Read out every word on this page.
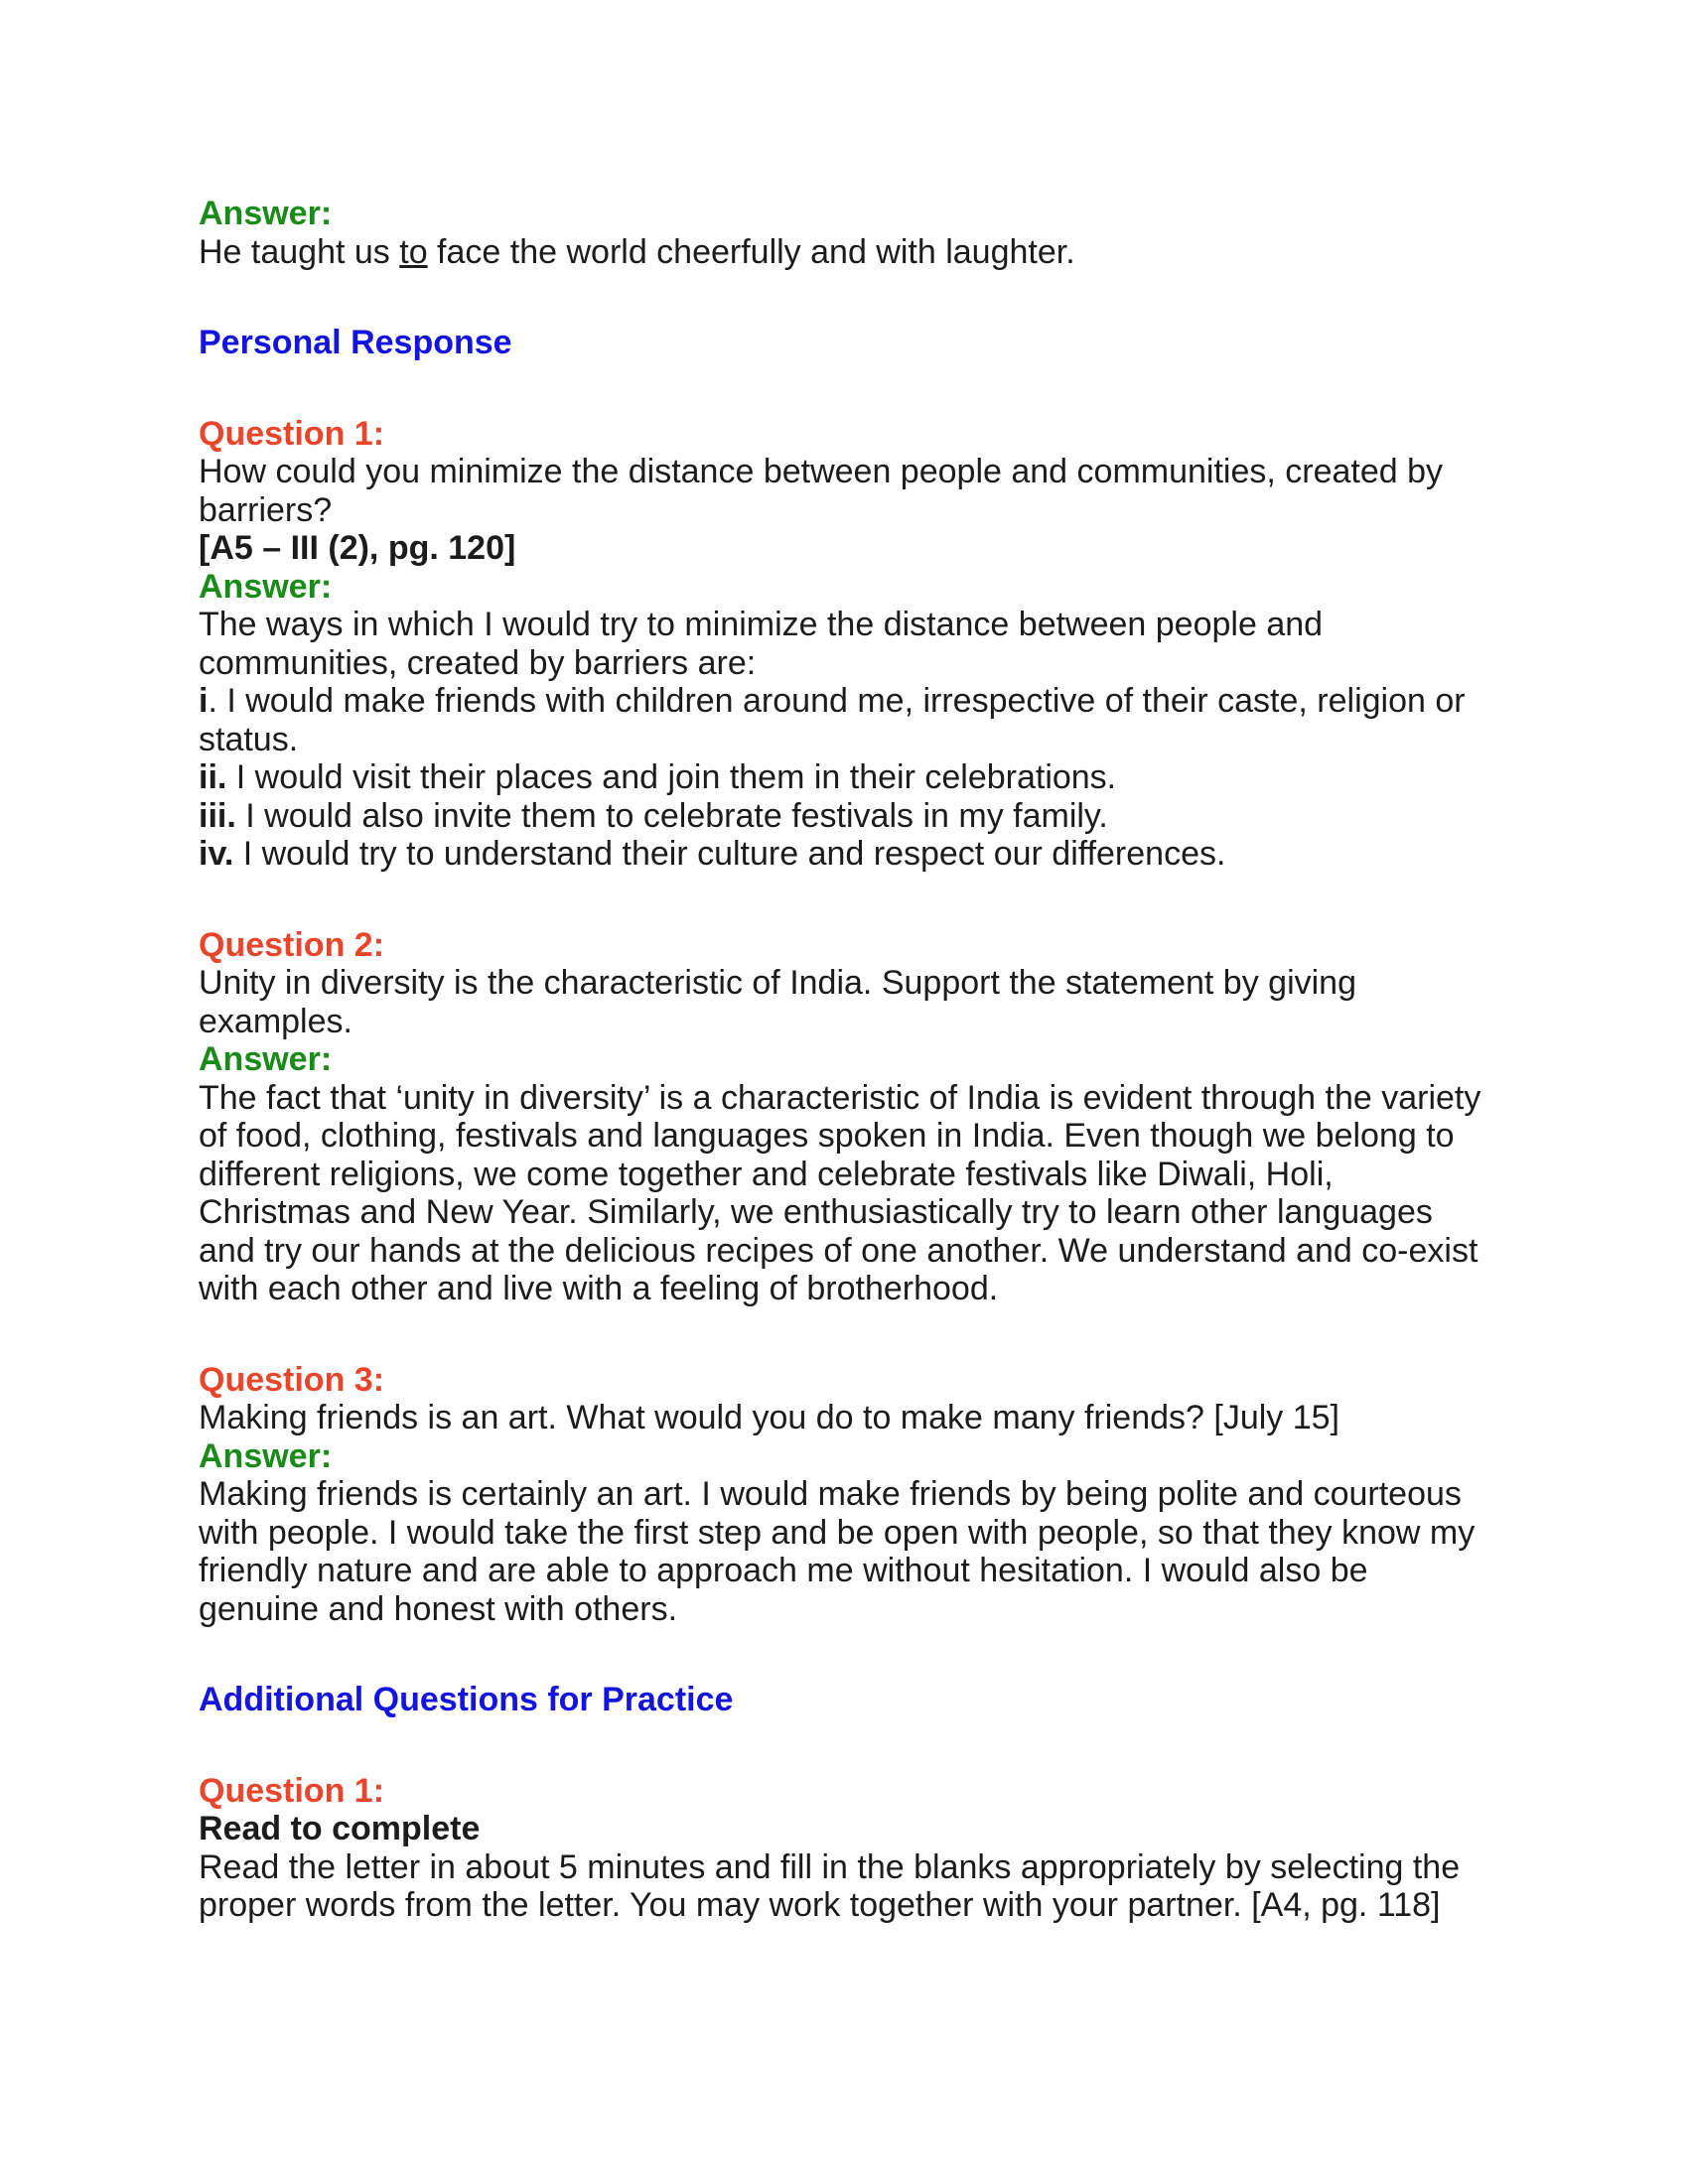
Answer:
He taught us to face the world cheerfully and with laughter.
Personal Response
Question 1:
How could you minimize the distance between people and communities, created by barriers?
[A5 – III (2), pg. 120]
Answer:
The ways in which I would try to minimize the distance between people and communities, created by barriers are:
i. I would make friends with children around me, irrespective of their caste, religion or status.
ii. I would visit their places and join them in their celebrations.
iii. I would also invite them to celebrate festivals in my family.
iv. I would try to understand their culture and respect our differences.
Question 2:
Unity in diversity is the characteristic of India. Support the statement by giving examples.
Answer:
The fact that ‘unity in diversity’ is a characteristic of India is evident through the variety of food, clothing, festivals and languages spoken in India. Even though we belong to different religions, we come together and celebrate festivals like Diwali, Holi, Christmas and New Year. Similarly, we enthusiastically try to learn other languages and try our hands at the delicious recipes of one another. We understand and co-exist with each other and live with a feeling of brotherhood.
Question 3:
Making friends is an art. What would you do to make many friends? [July 15]
Answer:
Making friends is certainly an art. I would make friends by being polite and courteous with people. I would take the first step and be open with people, so that they know my friendly nature and are able to approach me without hesitation. I would also be genuine and honest with others.
Additional Questions for Practice
Question 1:
Read to complete
Read the letter in about 5 minutes and fill in the blanks appropriately by selecting the proper words from the letter. You may work together with your partner. [A4, pg. 118]
